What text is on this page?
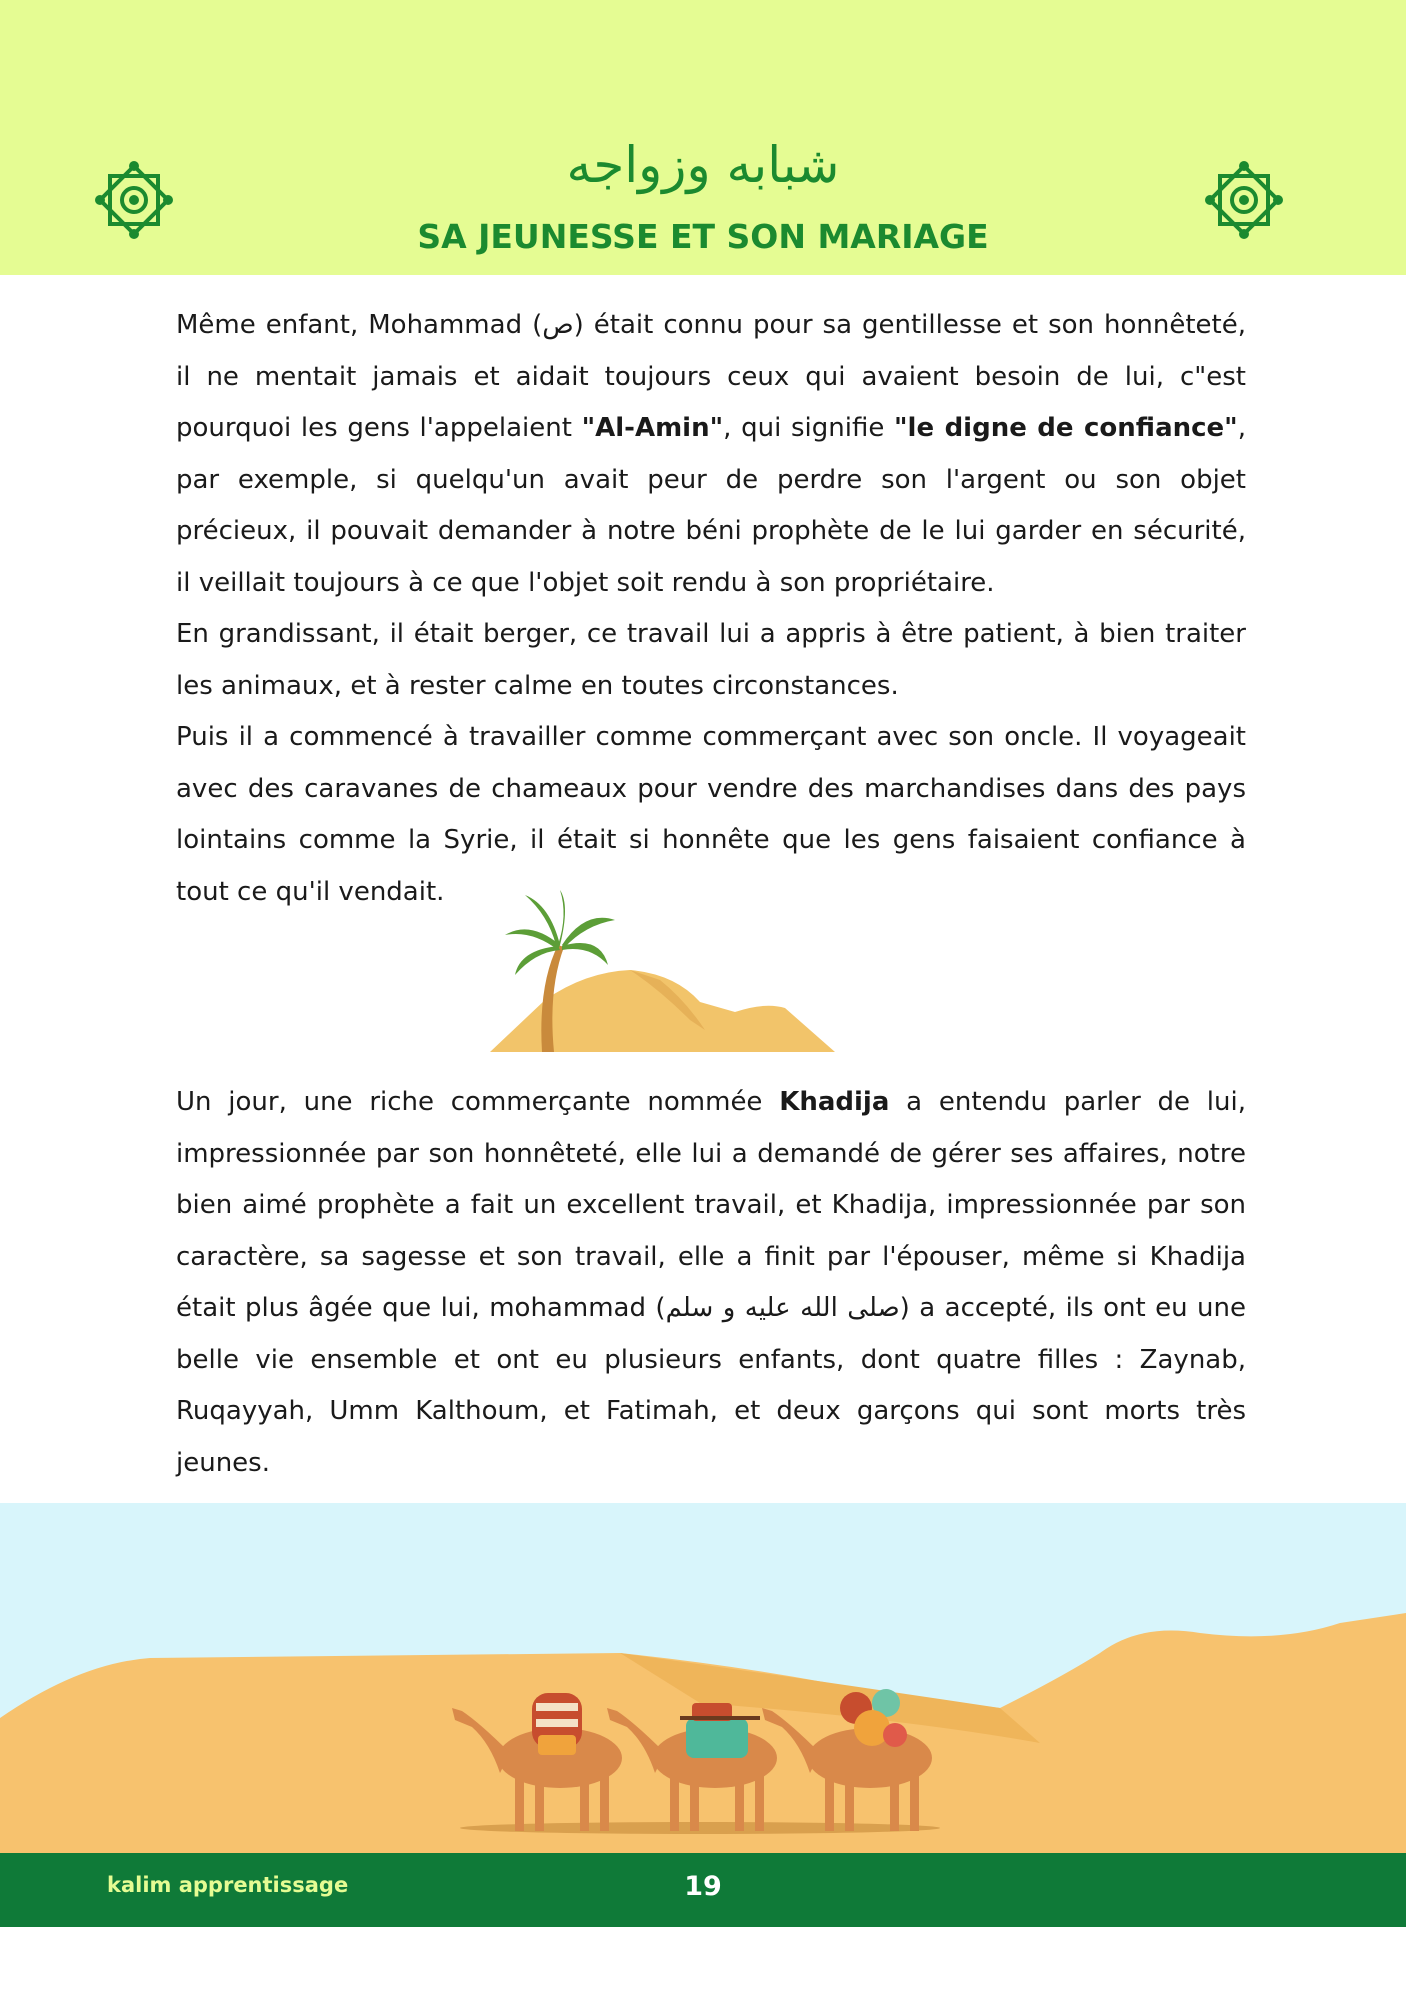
شبابه وزواجه
SA JEUNESSE ET SON MARIAGE
Même enfant, Mohammad (ص) était connu pour sa gentillesse et son honnêteté, il ne mentait jamais et aidait toujours ceux qui avaient besoin de lui, c"est pourquoi les gens l'appelaient "Al-Amin", qui signifie "le digne de confiance", par exemple, si quelqu'un avait peur de perdre son l'argent ou son objet précieux, il pouvait demander à notre béni prophète de le lui garder en sécurité, il veillait toujours à ce que l'objet soit rendu à son propriétaire.
En grandissant, il était berger, ce travail lui a appris à être patient, à bien traiter les animaux, et à rester calme en toutes circonstances.
Puis il a commencé à travailler comme commerçant avec son oncle. Il voyageait avec des caravanes de chameaux pour vendre des marchandises dans des pays lointains comme la Syrie, il était si honnête que les gens faisaient confiance à tout ce qu'il vendait.
Un jour, une riche commerçante nommée Khadija a entendu parler de lui, impressionnée par son honnêteté, elle lui a demandé de gérer ses affaires, notre bien aimé prophète a fait un excellent travail, et Khadija, impressionnée par son caractère, sa sagesse et son travail, elle a finit par l'épouser, même si Khadija était plus âgée que lui, mohammad (صلى الله عليه و سلم) a accepté, ils ont eu une belle vie ensemble et ont eu plusieurs enfants, dont quatre filles : Zaynab, Ruqayyah, Umm Kalthoum, et Fatimah, et deux garçons qui sont morts très jeunes.
kalim apprentissage	19
